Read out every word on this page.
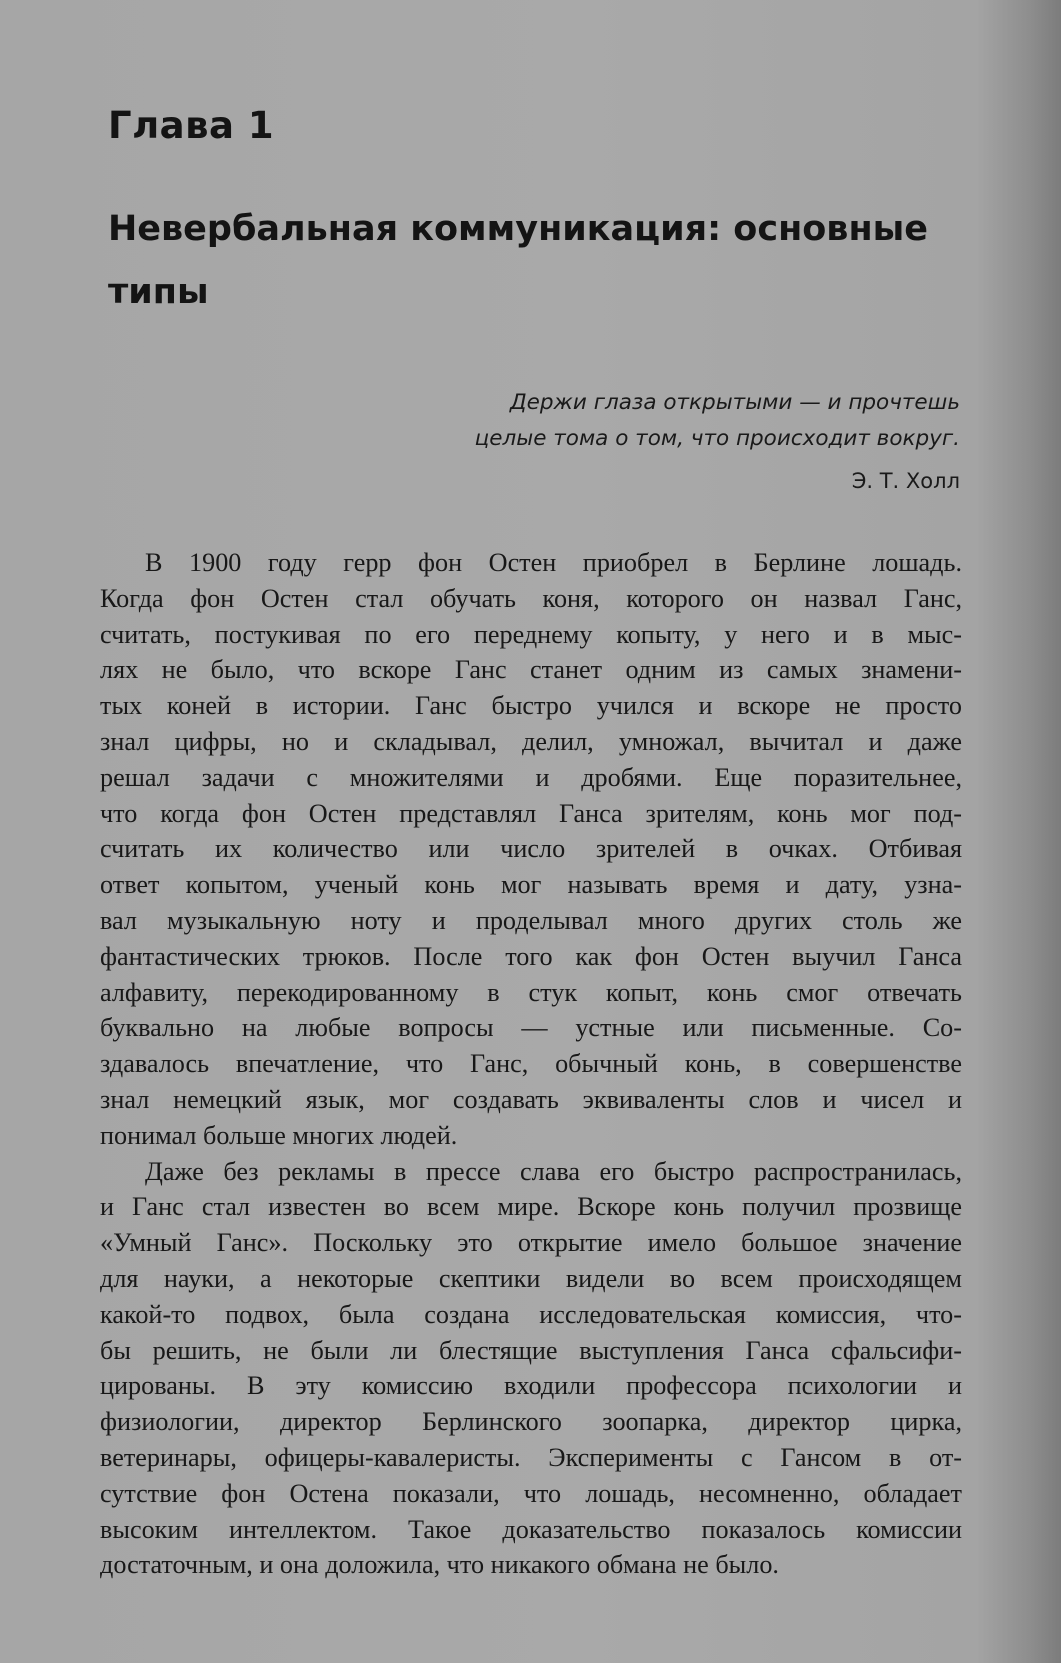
Глава 1
Невербальная коммуникация: основные типы
Держи глаза открытыми — и прочтешь
целые тома о том, что происходит вокруг.
Э. Т. Холл
В 1900 году герр фон Остен приобрел в Берлине лошадь.
Когда фон Остен стал обучать коня, которого он назвал Ганс,
считать, постукивая по его переднему копыту, у него и в мыс-
лях не было, что вскоре Ганс станет одним из самых знамени-
тых коней в истории. Ганс быстро учился и вскоре не просто
знал цифры, но и складывал, делил, умножал, вычитал и даже
решал задачи с множителями и дробями. Еще поразительнее,
что когда фон Остен представлял Ганса зрителям, конь мог под-
считать их количество или число зрителей в очках. Отбивая
ответ копытом, ученый конь мог называть время и дату, узна-
вал музыкальную ноту и проделывал много других столь же
фантастических трюков. После того как фон Остен выучил Ганса
алфавиту, перекодированному в стук копыт, конь смог отвечать
буквально на любые вопросы — устные или письменные. Со-
здавалось впечатление, что Ганс, обычный конь, в совершенстве
знал немецкий язык, мог создавать эквиваленты слов и чисел и
понимал больше многих людей.
Даже без рекламы в прессе слава его быстро распространилась,
и Ганс стал известен во всем мире. Вскоре конь получил прозвище
«Умный Ганс». Поскольку это открытие имело большое значение
для науки, а некоторые скептики видели во всем происходящем
какой-то подвох, была создана исследовательская комиссия, что-
бы решить, не были ли блестящие выступления Ганса сфальсифи-
цированы. В эту комиссию входили профессора психологии и
физиологии, директор Берлинского зоопарка, директор цирка,
ветеринары, офицеры-кавалеристы. Эксперименты с Гансом в от-
сутствие фон Остена показали, что лошадь, несомненно, обладает
высоким интеллектом. Такое доказательство показалось комиссии
достаточным, и она доложила, что никакого обмана не было.
